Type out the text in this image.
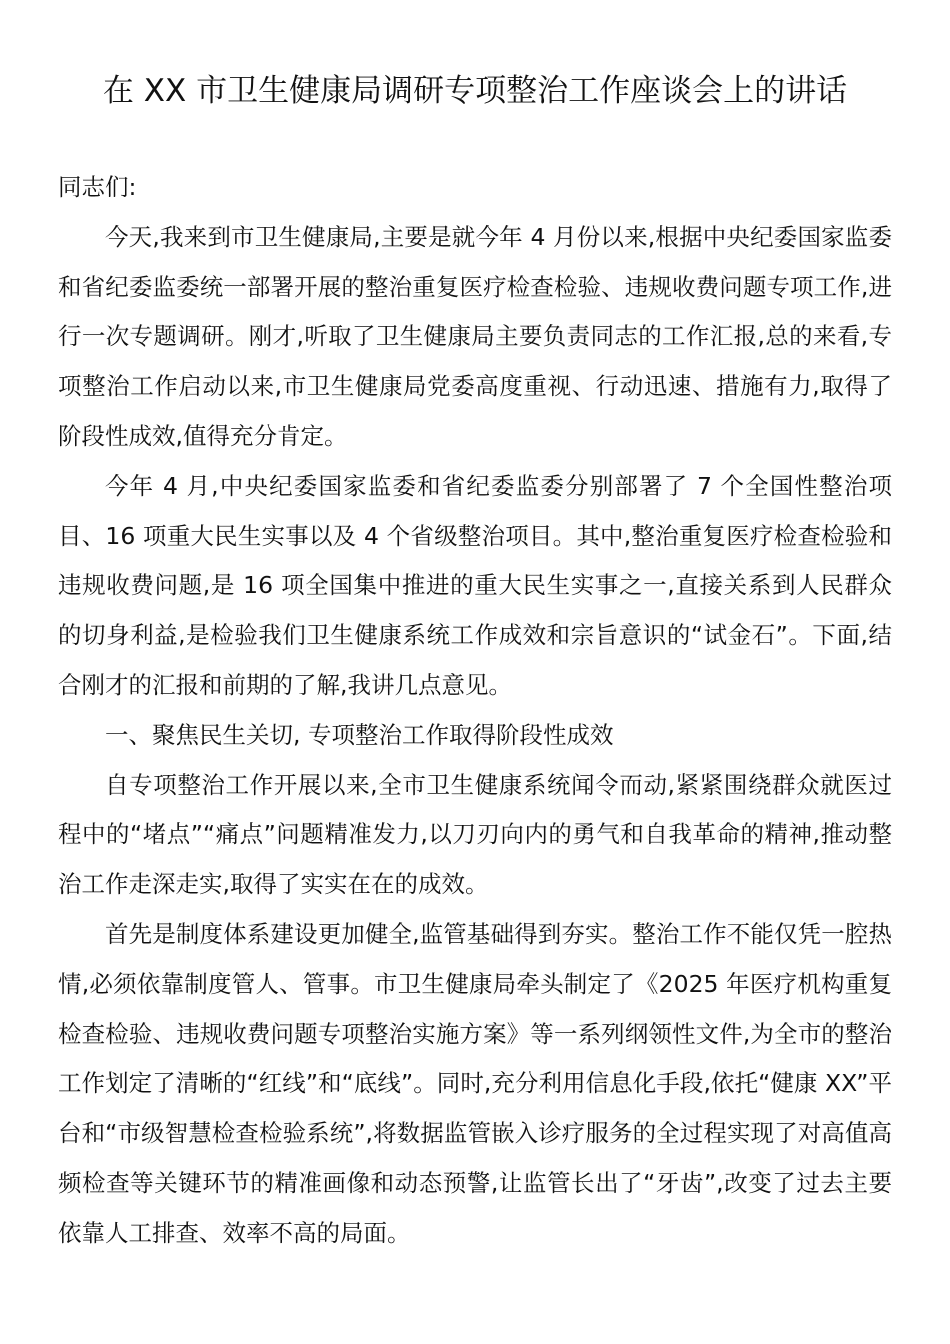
在 XX 市卫生健康局调研专项整治工作座谈会上的讲话

同志们:

今天,我来到市卫生健康局,主要是就今年 4 月份以来,根据中央纪委国家监委和省纪委监委统一部署开展的整治重复医疗检查检验、违规收费问题专项工作,进行一次专题调研。刚才,听取了卫生健康局主要负责同志的工作汇报,总的来看,专项整治工作启动以来,市卫生健康局党委高度重视、行动迅速、措施有力,取得了阶段性成效,值得充分肯定。

今年 4 月,中央纪委国家监委和省纪委监委分别部署了 7 个全国性整治项目、16 项重大民生实事以及 4 个省级整治项目。其中,整治重复医疗检查检验和违规收费问题,是 16 项全国集中推进的重大民生实事之一,直接关系到人民群众的切身利益,是检验我们卫生健康系统工作成效和宗旨意识的“试金石”。下面,结合刚才的汇报和前期的了解,我讲几点意见。

一、聚焦民生关切, 专项整治工作取得阶段性成效

自专项整治工作开展以来,全市卫生健康系统闻令而动,紧紧围绕群众就医过程中的“堵点”“痛点”问题精准发力,以刀刃向内的勇气和自我革命的精神,推动整治工作走深走实,取得了实实在在的成效。

首先是制度体系建设更加健全,监管基础得到夯实。整治工作不能仅凭一腔热情,必须依靠制度管人、管事。市卫生健康局牵头制定了《2025 年医疗机构重复检查检验、违规收费问题专项整治实施方案》等一系列纲领性文件,为全市的整治工作划定了清晰的“红线”和“底线”。同时,充分利用信息化手段,依托“健康 XX”平台和“市级智慧检查检验系统”,将数据监管嵌入诊疗服务的全过程实现了对高值高频检查等关键环节的精准画像和动态预警,让监管长出了“牙齿”,改变了过去主要依靠人工排查、效率不高的局面。
